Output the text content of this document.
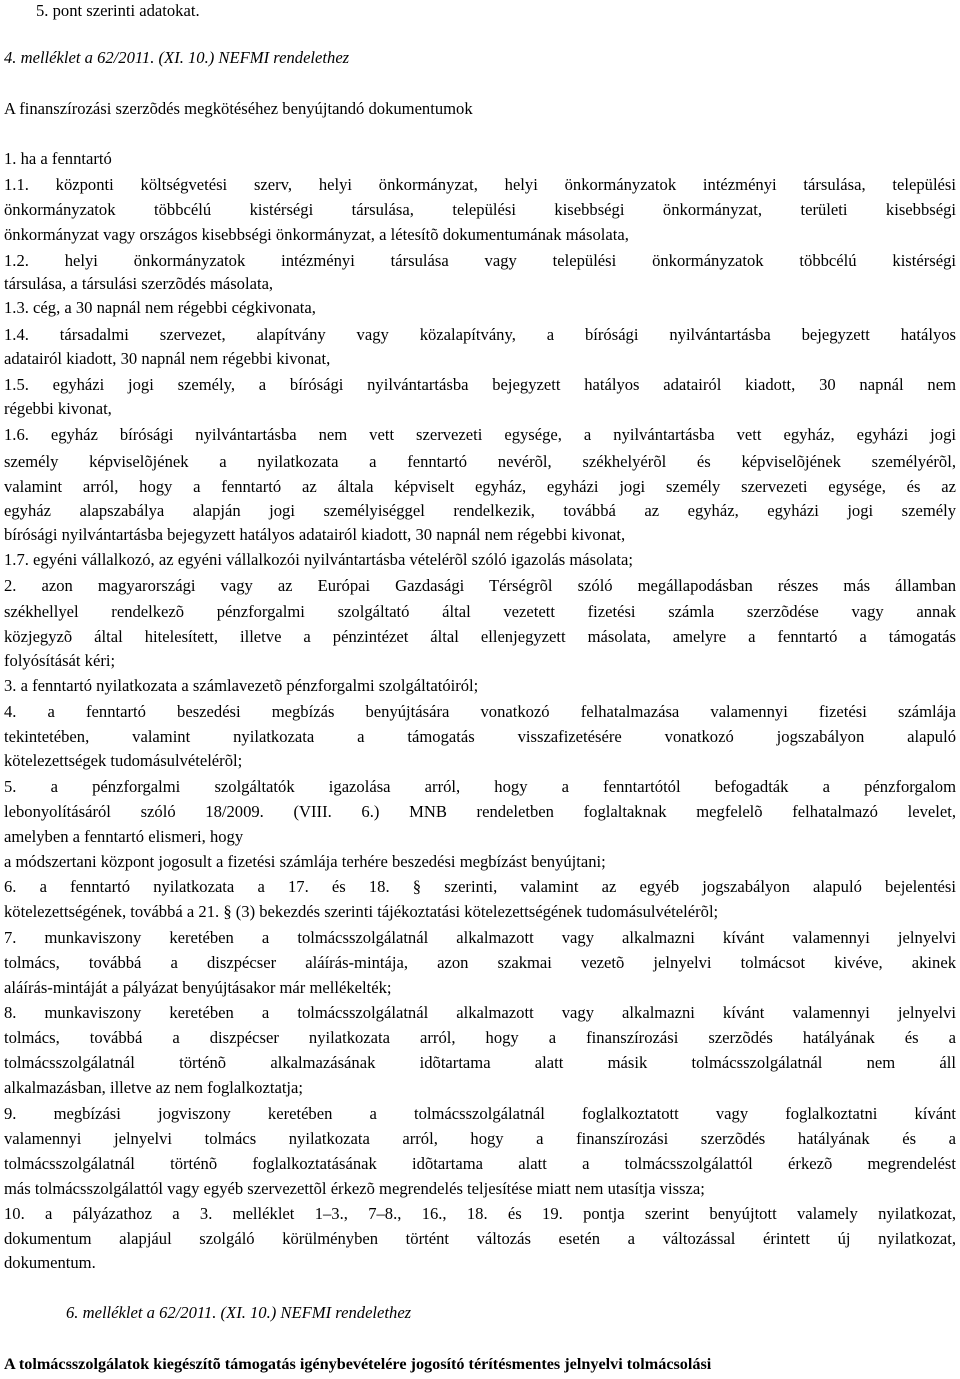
5. pont szerinti adatokat.
4. melléklet a 62/2011. (XI. 10.) NEFMI rendelethez
A finanszírozási szerzõdés megkötéséhez benyújtandó dokumentumok
1. ha a fenntartó
1.1. központi költségvetési szerv, helyi önkormányzat, helyi önkormányzatok intézményi társulása, települési
önkormányzatok többcélú kistérségi társulása, települési kisebbségi önkormányzat, területi kisebbségi
önkormányzat vagy országos kisebbségi önkormányzat, a létesítõ dokumentumának másolata,
1.2. helyi önkormányzatok intézményi társulása vagy települési önkormányzatok többcélú kistérségi
társulása, a társulási szerzõdés másolata,
1.3. cég, a 30 napnál nem régebbi cégkivonata,
1.4. társadalmi szervezet, alapítvány vagy közalapítvány, a bírósági nyilvántartásba bejegyzett hatályos
adatairól kiadott, 30 napnál nem régebbi kivonat,
1.5. egyházi jogi személy, a bírósági nyilvántartásba bejegyzett hatályos adatairól kiadott, 30 napnál nem
régebbi kivonat,
1.6. egyház bírósági nyilvántartásba nem vett szervezeti egysége, a nyilvántartásba vett egyház, egyházi jogi
személy képviselõjének a nyilatkozata a fenntartó nevérõl, székhelyérõl és képviselõjének személyérõl,
valamint arról, hogy a fenntartó az általa képviselt egyház, egyházi jogi személy szervezeti egysége, és az
egyház alapszabálya alapján jogi személyiséggel rendelkezik, továbbá az egyház, egyházi jogi személy
bírósági nyilvántartásba bejegyzett hatályos adatairól kiadott, 30 napnál nem régebbi kivonat,
1.7. egyéni vállalkozó, az egyéni vállalkozói nyilvántartásba vételérõl szóló igazolás másolata;
2. azon magyarországi vagy az Európai Gazdasági Térségrõl szóló megállapodásban részes más államban
székhellyel rendelkezõ pénzforgalmi szolgáltató által vezetett fizetési számla szerzõdése vagy annak
közjegyzõ által hitelesített, illetve a pénzintézet által ellenjegyzett másolata, amelyre a fenntartó a támogatás
folyósítását kéri;
3. a fenntartó nyilatkozata a számlavezetõ pénzforgalmi szolgáltatóiról;
4. a fenntartó beszedési megbízás benyújtására vonatkozó felhatalmazása valamennyi fizetési számlája
tekintetében, valamint nyilatkozata a támogatás visszafizetésére vonatkozó jogszabályon alapuló
kötelezettségek tudomásulvételérõl;
5. a pénzforgalmi szolgáltatók igazolása arról, hogy a fenntartótól befogadták a pénzforgalom
lebonyolításáról szóló 18/2009. (VIII. 6.) MNB rendeletben foglaltaknak megfelelõ felhatalmazó levelet,
amelyben a fenntartó elismeri, hogy
a módszertani központ jogosult a fizetési számlája terhére beszedési megbízást benyújtani;
6. a fenntartó nyilatkozata a 17. és 18. § szerinti, valamint az egyéb jogszabályon alapuló bejelentési
kötelezettségének, továbbá a 21. § (3) bekezdés szerinti tájékoztatási kötelezettségének tudomásulvételérõl;
7. munkaviszony keretében a tolmácsszolgálatnál alkalmazott vagy alkalmazni kívánt valamennyi jelnyelvi
tolmács, továbbá a diszpécser aláírás-mintája, azon szakmai vezetõ jelnyelvi tolmácsot kivéve, akinek
aláírás-mintáját a pályázat benyújtásakor már mellékelték;
8. munkaviszony keretében a tolmácsszolgálatnál alkalmazott vagy alkalmazni kívánt valamennyi jelnyelvi
tolmács, továbbá a diszpécser nyilatkozata arról, hogy a finanszírozási szerzõdés hatályának és a
tolmácsszolgálatnál történõ alkalmazásának idõtartama alatt másik tolmácsszolgálatnál nem áll
alkalmazásban, illetve az nem foglalkoztatja;
9. megbízási jogviszony keretében a tolmácsszolgálatnál foglalkoztatott vagy foglalkoztatni kívánt
valamennyi jelnyelvi tolmács nyilatkozata arról, hogy a finanszírozási szerzõdés hatályának és a
tolmácsszolgálatnál történõ foglalkoztatásának idõtartama alatt a tolmácsszolgálattól érkezõ megrendelést
más tolmácsszolgálattól vagy egyéb szervezettõl érkezõ megrendelés teljesítése miatt nem utasítja vissza;
10. a pályázathoz a 3. melléklet 1–3., 7–8., 16., 18. és 19. pontja szerint benyújtott valamely nyilatkozat,
dokumentum alapjául szolgáló körülményben történt változás esetén a változással érintett új nyilatkozat,
dokumentum.
6. melléklet a 62/2011. (XI. 10.) NEFMI rendelethez
A tolmácsszolgálatok kiegészítõ támogatás igénybevételére jogosító térítésmentes jelnyelvi tolmácsolási
